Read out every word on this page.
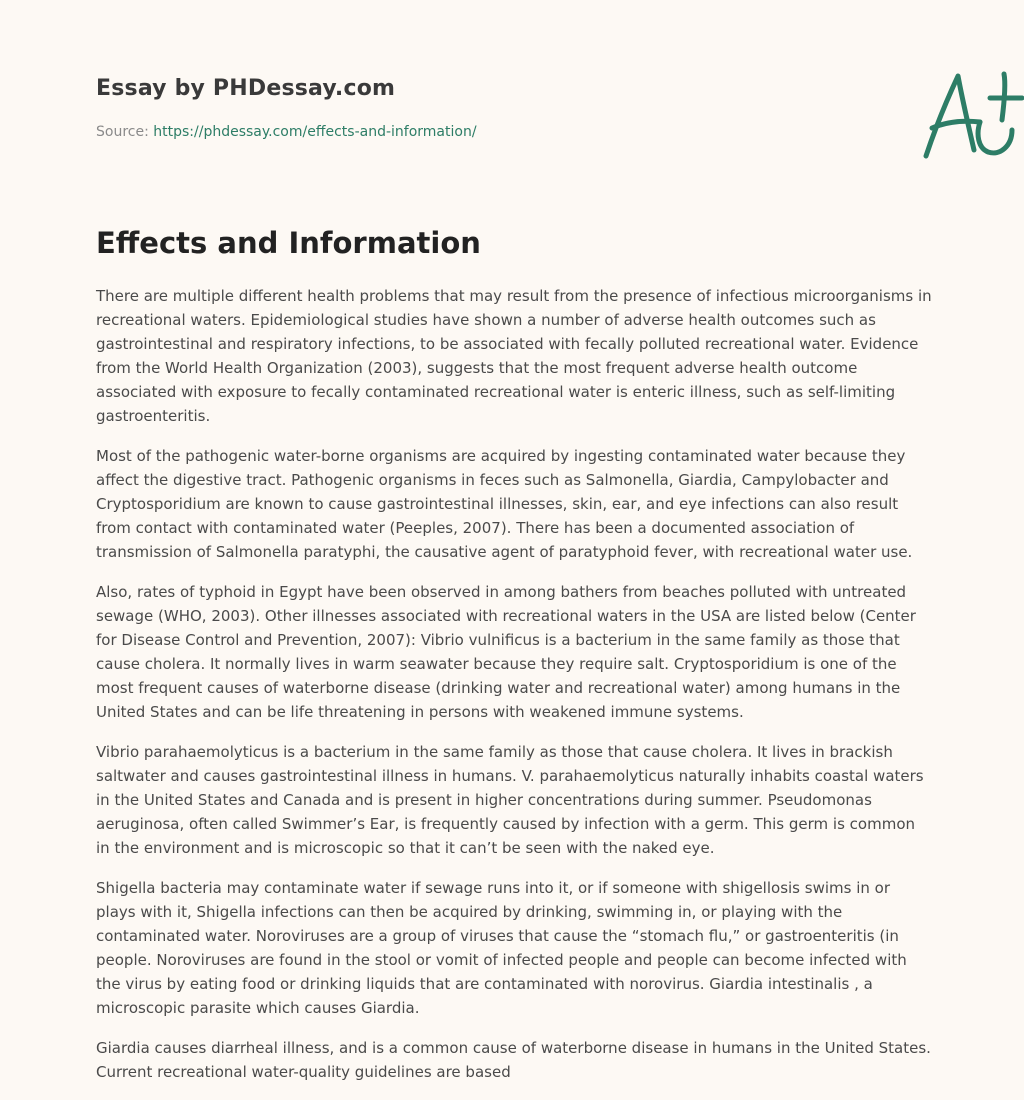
Essay by PHDessay.com
Source: https://phdessay.com/effects-and-information/
Effects and Information

There are multiple different health problems that may result from the presence of infectious microorganisms in recreational waters. Epidemiological studies have shown a number of adverse health outcomes such as gastrointestinal and respiratory infections, to be associated with fecally polluted recreational water. Evidence from the World Health Organization (2003), suggests that the most frequent adverse health outcome associated with exposure to fecally contaminated recreational water is enteric illness, such as self-limiting gastroenteritis.

Most of the pathogenic water-borne organisms are acquired by ingesting contaminated water because they affect the digestive tract. Pathogenic organisms in feces such as Salmonella, Giardia, Campylobacter and Cryptosporidium are known to cause gastrointestinal illnesses, skin, ear, and eye infections can also result from contact with contaminated water (Peeples, 2007). There has been a documented association of transmission of Salmonella paratyphi, the causative agent of paratyphoid fever, with recreational water use.

Also, rates of typhoid in Egypt have been observed in among bathers from beaches polluted with untreated sewage (WHO, 2003). Other illnesses associated with recreational waters in the USA are listed below (Center for Disease Control and Prevention, 2007): Vibrio vulnificus is a bacterium in the same family as those that cause cholera. It normally lives in warm seawater because they require salt. Cryptosporidium is one of the most frequent causes of waterborne disease (drinking water and recreational water) among humans in the United States and can be life threatening in persons with weakened immune systems.

Vibrio parahaemolyticus is a bacterium in the same family as those that cause cholera. It lives in brackish saltwater and causes gastrointestinal illness in humans. V. parahaemolyticus naturally inhabits coastal waters in the United States and Canada and is present in higher concentrations during summer. Pseudomonas aeruginosa, often called Swimmer’s Ear, is frequently caused by infection with a germ. This germ is common in the environment and is microscopic so that it can’t be seen with the naked eye.

Shigella bacteria may contaminate water if sewage runs into it, or if someone with shigellosis swims in or plays with it, Shigella infections can then be acquired by drinking, swimming in, or playing with the contaminated water. Noroviruses are a group of viruses that cause the “stomach flu,” or gastroenteritis (in people. Noroviruses are found in the stool or vomit of infected people and people can become infected with the virus by eating food or drinking liquids that are contaminated with norovirus. Giardia intestinalis , a microscopic parasite which causes Giardia.

Giardia causes diarrheal illness, and is a common cause of waterborne disease in humans in the United States. Current recreational water-quality guidelines are based
